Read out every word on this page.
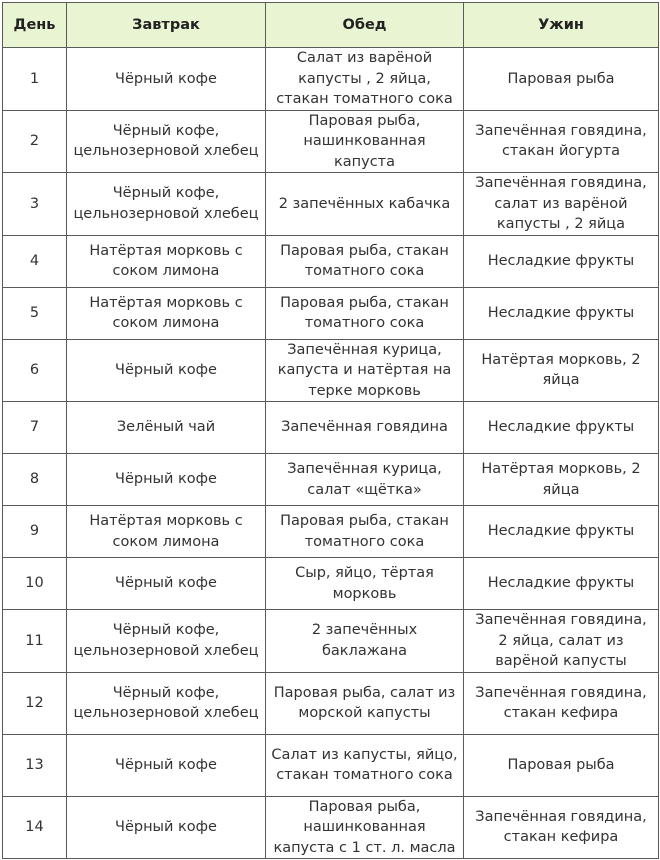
День	Завтрак	Обед	Ужин
1	Чёрный кофе	Салат из варёной капусты , 2 яйца, стакан томатного сока	Паровая рыба
2	Чёрный кофе, цельнозерновой хлебец	Паровая рыба, нашинкованная капуста	Запечённая говядина, стакан йогурта
3	Чёрный кофе, цельнозерновой хлебец	2 запечённых кабачка	Запечённая говядина, салат из варёной капусты , 2 яйца
4	Натёртая морковь с соком лимона	Паровая рыба, стакан томатного сока	Несладкие фрукты
5	Натёртая морковь с соком лимона	Паровая рыба, стакан томатного сока	Несладкие фрукты
6	Чёрный кофе	Запечённая курица, капуста и натёртая на терке морковь	Натёртая морковь, 2 яйца
7	Зелёный чай	Запечённая говядина	Несладкие фрукты
8	Чёрный кофе	Запечённая курица, салат «щётка»	Натёртая морковь, 2 яйца
9	Натёртая морковь с соком лимона	Паровая рыба, стакан томатного сока	Несладкие фрукты
10	Чёрный кофе	Сыр, яйцо, тёртая морковь	Несладкие фрукты
11	Чёрный кофе, цельнозерновой хлебец	2 запечённых баклажана	Запечённая говядина, 2 яйца, салат из варёной капусты
12	Чёрный кофе, цельнозерновой хлебец	Паровая рыба, салат из морской капусты	Запечённая говядина, стакан кефира
13	Чёрный кофе	Салат из капусты, яйцо, стакан томатного сока	Паровая рыба
14	Чёрный кофе	Паровая рыба, нашинкованная капуста с 1 ст. л. масла	Запечённая говядина, стакан кефира
